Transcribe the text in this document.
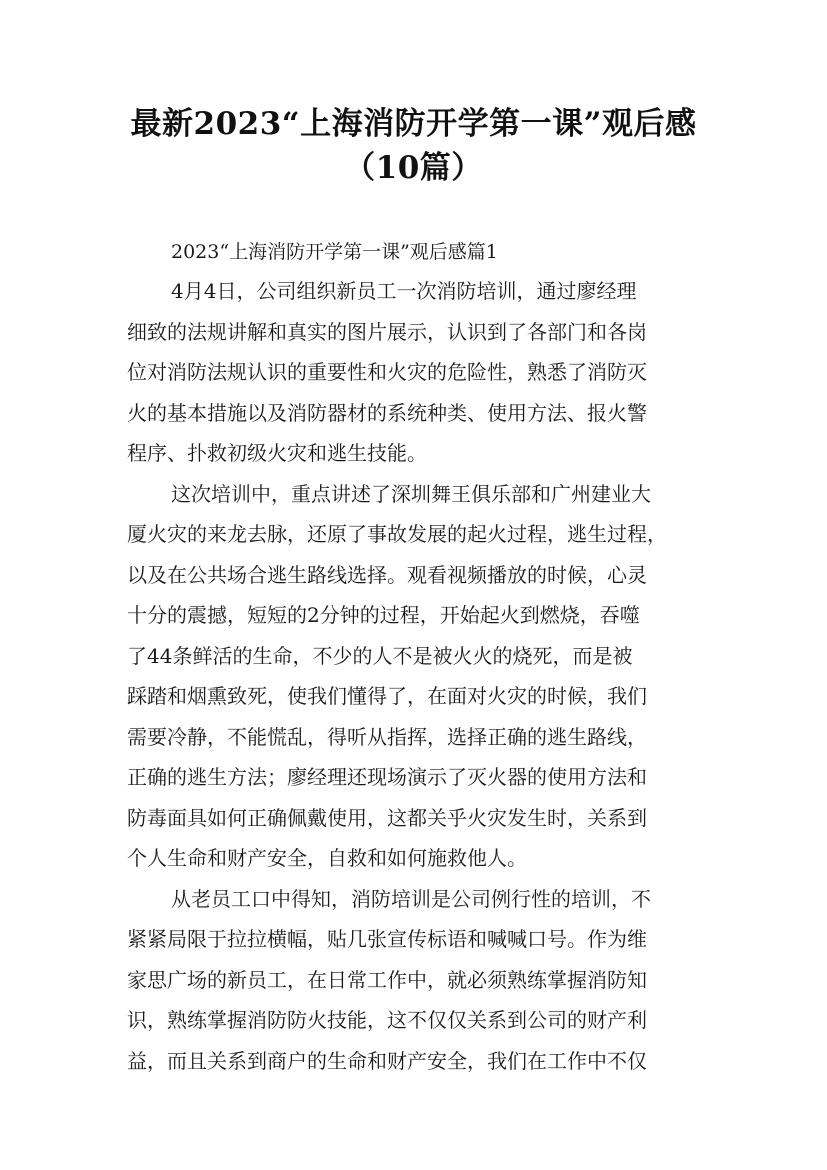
最新2023“上海消防开学第一课”观后感
（10篇）

2023“上海消防开学第一课”观后感篇1

4月4日，公司组织新员工一次消防培训，通过廖经理
细致的法规讲解和真实的图片展示，认识到了各部门和各岗
位对消防法规认识的重要性和火灾的危险性，熟悉了消防灭
火的基本措施以及消防器材的系统种类、使用方法、报火警
程序、扑救初级火灾和逃生技能。

这次培训中，重点讲述了深圳舞王俱乐部和广州建业大
厦火灾的来龙去脉，还原了事故发展的起火过程，逃生过程，
以及在公共场合逃生路线选择。观看视频播放的时候，心灵
十分的震撼，短短的2分钟的过程，开始起火到燃烧，吞噬
了44条鲜活的生命，不少的人不是被火火的烧死，而是被
踩踏和烟熏致死，使我们懂得了，在面对火灾的时候，我们
需要冷静，不能慌乱，得听从指挥，选择正确的逃生路线，
正确的逃生方法；廖经理还现场演示了灭火器的使用方法和
防毒面具如何正确佩戴使用，这都关乎火灾发生时，关系到
个人生命和财产安全，自救和如何施救他人。

从老员工口中得知，消防培训是公司例行性的培训，不
紧紧局限于拉拉横幅，贴几张宣传标语和喊喊口号。作为维
家思广场的新员工，在日常工作中，就必须熟练掌握消防知
识，熟练掌握消防防火技能，这不仅仅关系到公司的财产利
益，而且关系到商户的生命和财产安全，我们在工作中不仅
